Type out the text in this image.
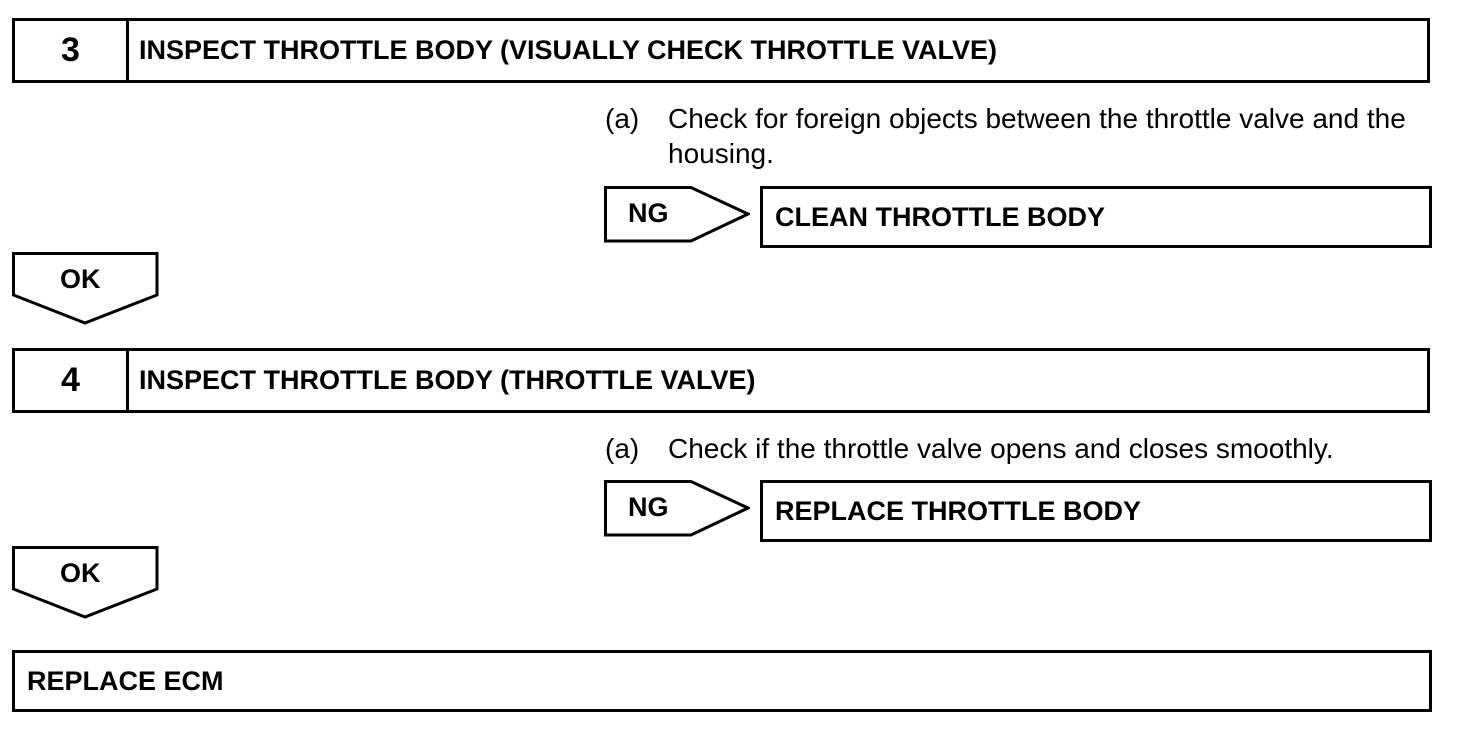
3	INSPECT THROTTLE BODY (VISUALLY CHECK THROTTLE VALVE)
(a)	Check for foreign objects between the throttle valve and the housing.
NG	CLEAN THROTTLE BODY
OK
4	INSPECT THROTTLE BODY (THROTTLE VALVE)
(a)	Check if the throttle valve opens and closes smoothly.
NG	REPLACE THROTTLE BODY
OK
REPLACE ECM
